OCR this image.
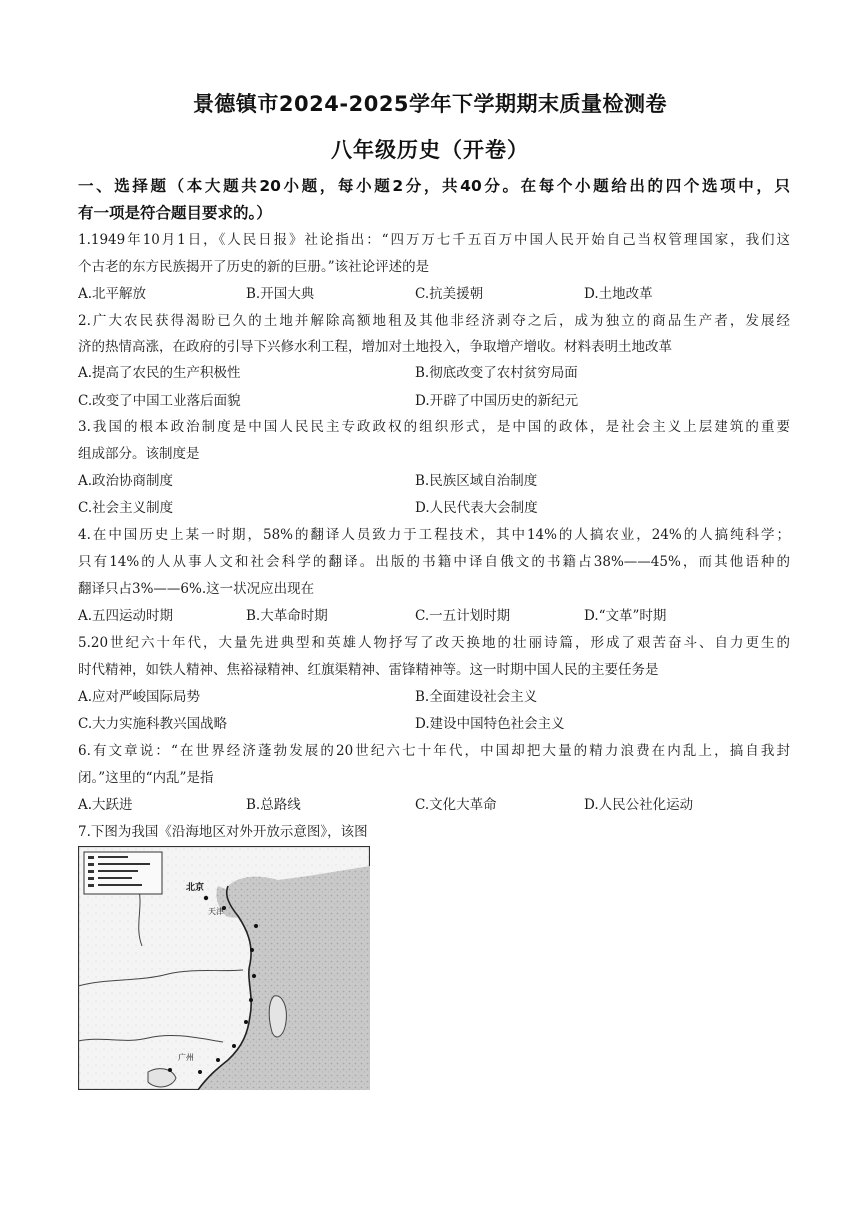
景德镇市2024-2025学年下学期期末质量检测卷
八年级历史（开卷）
一、选择题（本大题共20小题，每小题2分，共40分。在每个小题给出的四个选项中，只
有一项是符合题目要求的。）
1.1949年10月1日，《人民日报》社论指出：“四万万七千五百万中国人民开始自己当权管理国家，我们这
个古老的东方民族揭开了历史的新的巨册。”该社论评述的是
A.北平解放	B.开国大典	C.抗美援朝	D.土地改革
2.广大农民获得渴盼已久的土地并解除高额地租及其他非经济剥夺之后，成为独立的商品生产者，发展经
济的热情高涨，在政府的引导下兴修水利工程，增加对土地投入，争取增产增收。材料表明土地改革
A.提高了农民的生产积极性	B.彻底改变了农村贫穷局面
C.改变了中国工业落后面貌	D.开辟了中国历史的新纪元
3.我国的根本政治制度是中国人民民主专政政权的组织形式，是中国的政体，是社会主义上层建筑的重要
组成部分。该制度是
A.政治协商制度	B.民族区域自治制度
C.社会主义制度	D.人民代表大会制度
4.在中国历史上某一时期，58%的翻译人员致力于工程技术，其中14%的人搞农业，24%的人搞纯科学；
只有14%的人从事人文和社会科学的翻译。出版的书籍中译自俄文的书籍占38%——45%，而其他语种的
翻译只占3%——6%.这一状况应出现在
A.五四运动时期	B.大革命时期	C.一五计划时期	D.“文革”时期
5.20世纪六十年代，大量先进典型和英雄人物抒写了改天换地的壮丽诗篇，形成了艰苦奋斗、自力更生的
时代精神，如铁人精神、焦裕禄精神、红旗渠精神、雷锋精神等。这一时期中国人民的主要任务是
A.应对严峻国际局势	B.全面建设社会主义
C.大力实施科教兴国战略	D.建设中国特色社会主义
6.有文章说：“在世界经济蓬勃发展的20世纪六七十年代，中国却把大量的精力浪费在内乱上，搞自我封
闭。”这里的“内乱”是指
A.大跃进	B.总路线	C.文化大革命	D.人民公社化运动
7.下图为我国《沿海地区对外开放示意图》，该图
北京
天津
广州
